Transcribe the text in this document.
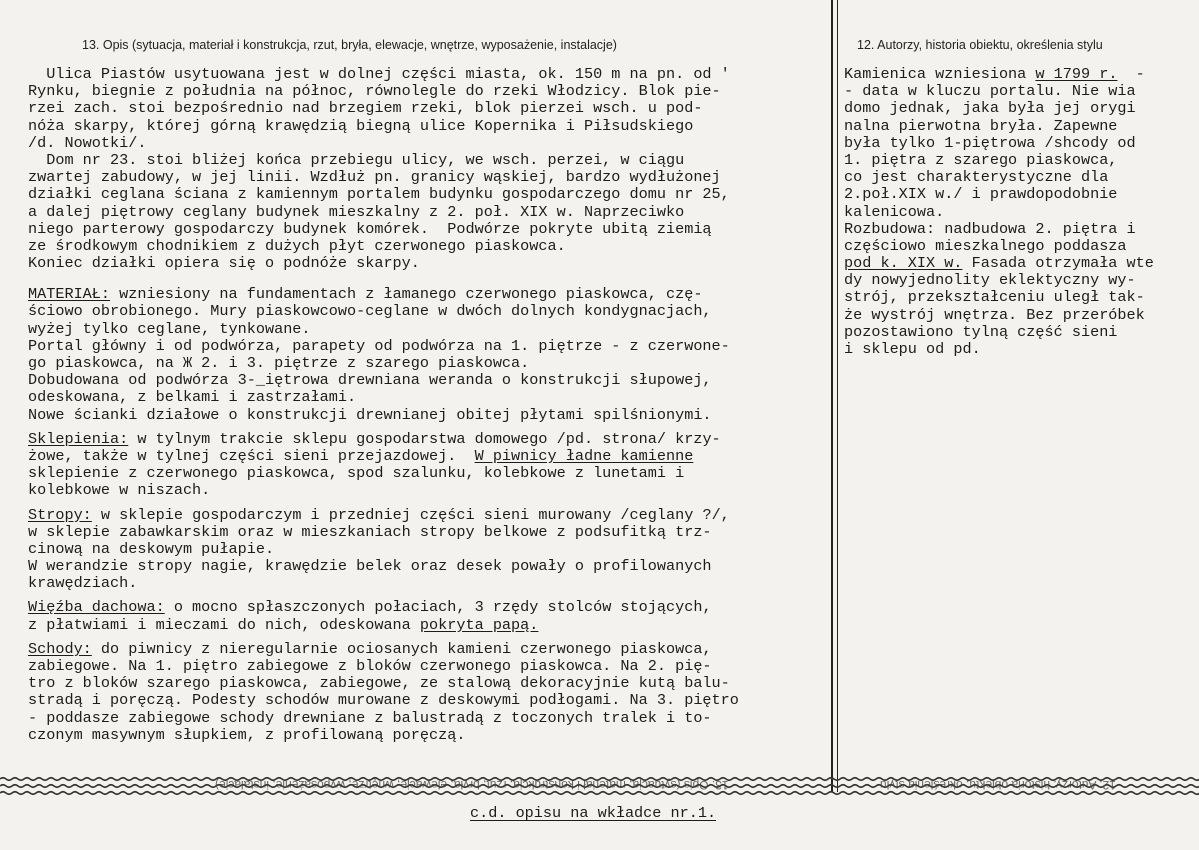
13. Opis (sytuacja, materiał i konstrukcja, rzut, bryła, elewacje, wnętrze, wyposażenie, instalacje)	12. Autorzy, historia obiektu, określenia stylu
Ulica Piastów usytuowana jest w dolnej części miasta, ok. 150 m na pn. od '
Rynku, biegnie z południa na północ, równolegle do rzeki Włodzicy. Blok pie-
rzei zach. stoi bezpośrednio nad brzegiem rzeki, blok pierzei wsch. u pod-
nóża skarpy, której górną krawędzią biegną ulice Kopernika i Piłsudskiego
/d. Nowotki/.
Dom nr 23. stoi bliżej końca przebiegu ulicy, we wsch. perzei, w ciągu
zwartej zabudowy, w jej linii. Wzdłuż pn. granicy wąskiej, bardzo wydłużonej
działki ceglana ściana z kamiennym portalem budynku gospodarczego domu nr 25,
a dalej piętrowy ceglany budynek mieszkalny z 2. poł. XIX w. Naprzeciwko
niego parterowy gospodarczy budynek komórek.  Podwórze pokryte ubitą ziemią
ze środkowym chodnikiem z dużych płyt czerwonego piaskowca.
Koniec działki opiera się o podnóże skarpy.
MATERIAŁ: wzniesiony na fundamentach z łamanego czerwonego piaskowca, czę-
ściowo obrobionego. Mury piaskowcowo-ceglane w dwóch dolnych kondygnacjach,
wyżej tylko ceglane, tynkowane.
Portal główny i od podwórza, parapety od podwórza na 1. piętrze - z czerwone-
go piaskowca, na Ж 2. i 3. piętrze z szarego piaskowca.
Dobudowana od podwórza 3-_iętrowa drewniana weranda o konstrukcji słupowej,
odeskowana, z belkami i zastrzałami.
Nowe ścianki działowe o konstrukcji drewnianej obitej płytami spilśnionymi.
Sklepienia: w tylnym trakcie sklepu gospodarstwa domowego /pd. strona/ krzy-
żowe, także w tylnej części sieni przejazdowej.  W piwnicy ładne kamienne
sklepienie z czerwonego piaskowca, spod szalunku, kolebkowe z lunetami i
kolebkowe w niszach.
Stropy: w sklepie gospodarczym i przedniej części sieni murowany /ceglany ?/,
w sklepie zabawkarskim oraz w mieszkaniach stropy belkowe z podsufitką trz-
cinową na deskowym pułapie.
W werandzie stropy nagie, krawędzie belek oraz desek powały o profilowanych
krawędziach.
Więźba dachowa: o mocno spłaszczonych połaciach, 3 rzędy stolców stojących,
z płatwiami i mieczami do nich, odeskowana pokryta papą.
Schody: do piwnicy z nieregularnie ociosanych kamieni czerwonego piaskowca,
zabiegowe. Na 1. piętro zabiegowe z bloków czerwonego piaskowca. Na 2. pię-
tro z bloków szarego piaskowca, zabiegowe, ze stalową dekoracyjnie kutą balu-
stradą i poręczą. Podesty schodów murowane z deskowymi podłogami. Na 3. piętro
- poddasze zabiegowe schody drewniane z balustradą z toczonych tralek i to-
czonym masywnym słupkiem, z profilowaną poręczą.
Kamienica wzniesiona w 1799 r.  -
- data w kluczu portalu. Nie wia
domo jednak, jaka była jej orygi
nalna pierwotna bryła. Zapewne
była tylko 1-piętrowa /shcody od
1. piętra z szarego piaskowca,
co jest charakterystyczne dla
2.poł.XIX w./ i prawdopodobnie
kalenicowa.
Rozbudowa: nadbudowa 2. piętra i
częściowo mieszkalnego poddasza
pod k. XIX w. Fasada otrzymała wte
dy nowyjednolity eklektyczny wy-
strój, przekształceniu uległ tak-
że wystrój wnętrza. Bez przeróbek
pozostawiono tylną część sieni
i sklepu od pd.
13. Opis (sytuacja, materiał i konstrukcja, rzut, bryła, elewacje, wnętrze, wyposażenie, instalacje)	12. Autorzy, historia obiektu, określenia stylu
c.d. opisu na wkładce nr.1.
